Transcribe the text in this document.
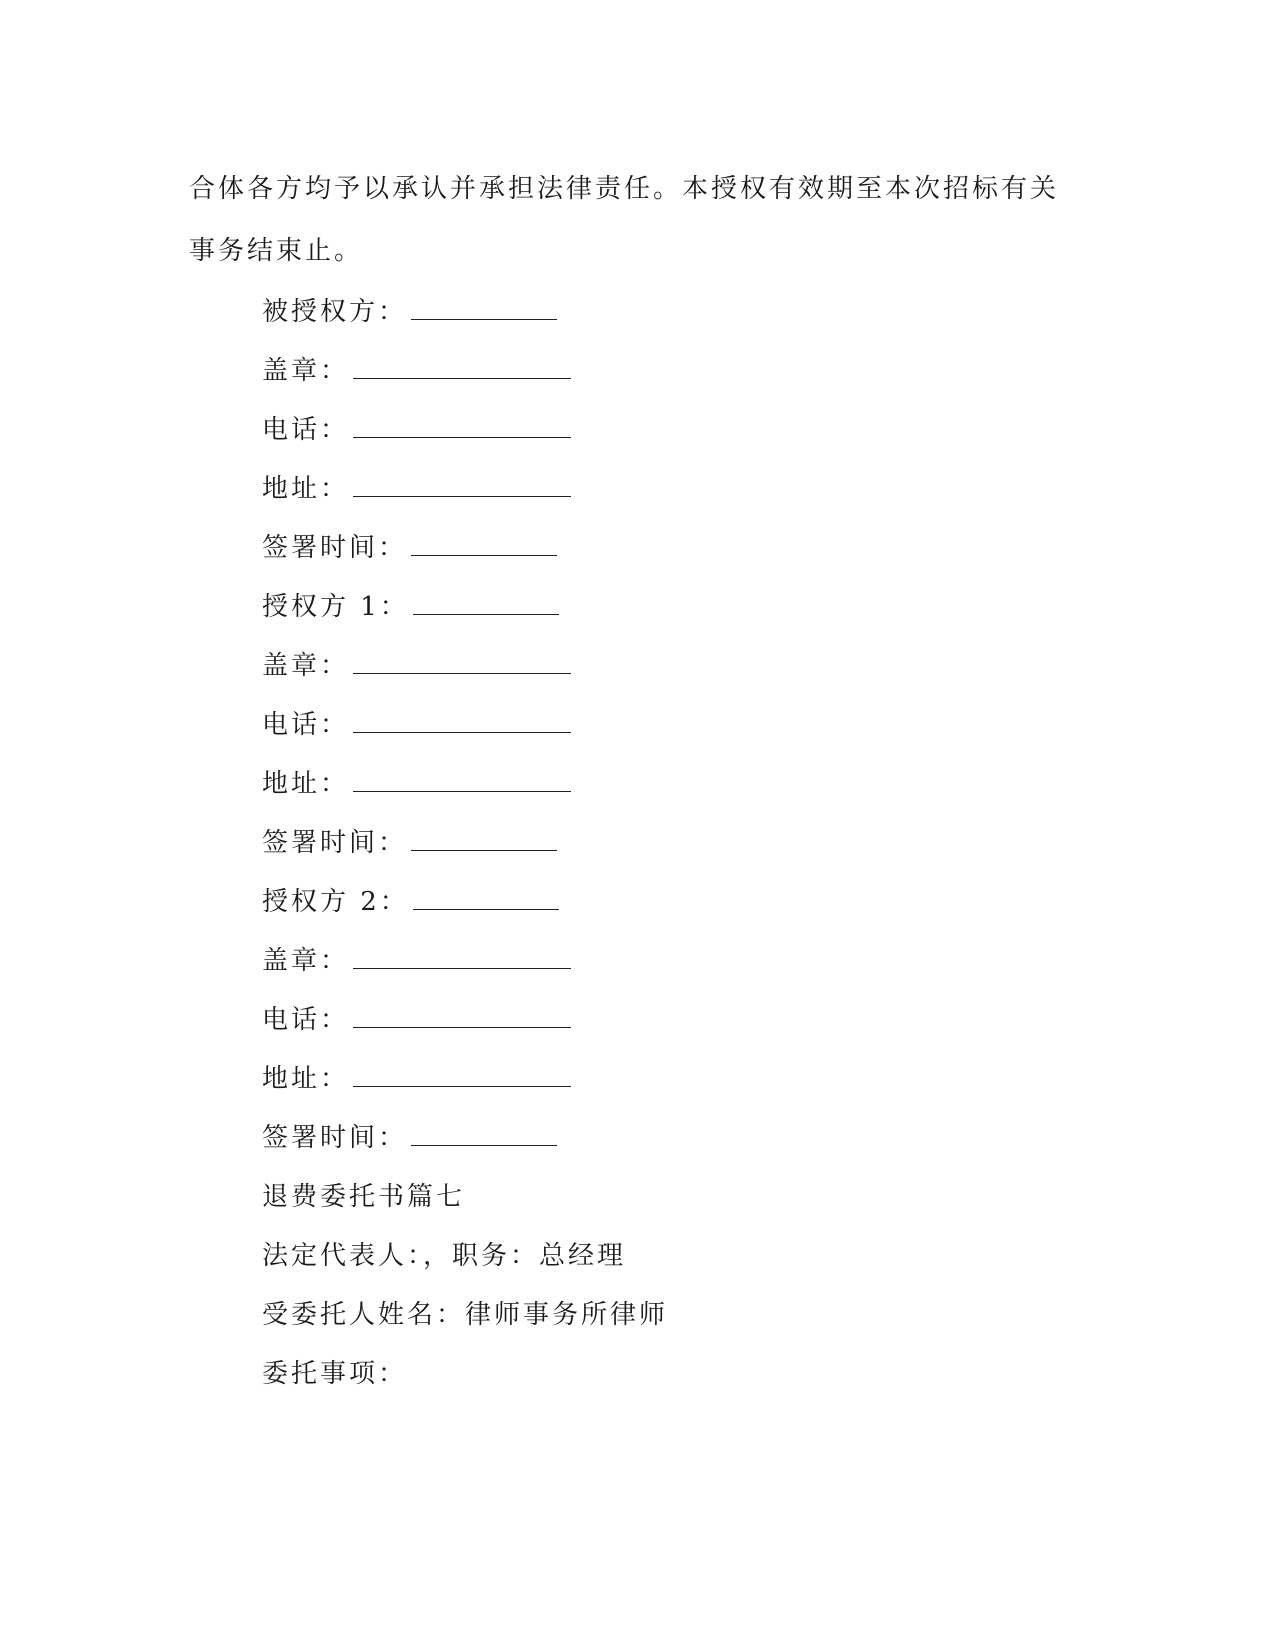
合体各方均予以承认并承担法律责任。本授权有效期至本次招标有关
事务结束止。

被授权方：
盖章：
电话：
地址：
签署时间：
授权方 1：
盖章：
电话：
地址：
签署时间：
授权方 2：
盖章：
电话：
地址：
签署时间：
退费委托书篇七
法定代表人：，职务：总经理
受委托人姓名：律师事务所律师
委托事项：
